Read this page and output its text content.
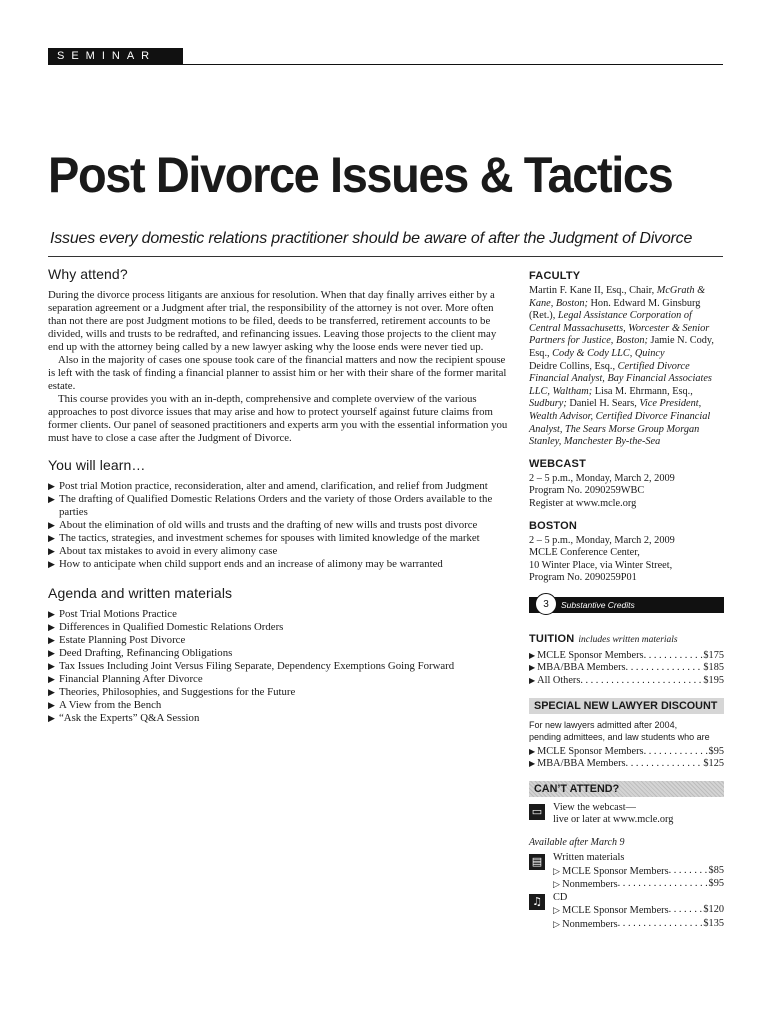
SEMINAR
Post Divorce Issues & Tactics
Issues every domestic relations practitioner should be aware of after the Judgment of Divorce
Why attend?

During the divorce process litigants are anxious for resolution. When that day finally arrives either by a separation agreement or a Judgment after trial, the responsibility of the attorney is not over. More often than not there are post Judgment motions to be filed, deeds to be transferred, retirement accounts to be divided, wills and trusts to be redrafted, and refinancing issues. Leaving those projects to the client may end up with the attorney being called by a new lawyer asking why the loose ends were never tied up.

Also in the majority of cases one spouse took care of the financial matters and now the recipient spouse is left with the task of finding a financial planner to assist him or her with their share of the former marital estate.

This course provides you with an in-depth, comprehensive and complete overview of the various approaches to post divorce issues that may arise and how to protect yourself against future claims from former clients. Our panel of seasoned practitioners and experts arm you with the essential information you must have to close a case after the Judgment of Divorce.

You will learn…
▶ Post trial Motion practice, reconsideration, alter and amend, clarification, and relief from Judgment
▶ The drafting of Qualified Domestic Relations Orders and the variety of those Orders available to the parties
▶ About the elimination of old wills and trusts and the drafting of new wills and trusts post divorce
▶ The tactics, strategies, and investment schemes for spouses with limited knowledge of the market
▶ About tax mistakes to avoid in every alimony case
▶ How to anticipate when child support ends and an increase of alimony may be warranted
Agenda and written materials
▶ Post Trial Motions Practice
▶ Differences in Qualified Domestic Relations Orders
▶ Estate Planning Post Divorce
▶ Deed Drafting, Refinancing Obligations
▶ Tax Issues Including Joint Versus Filing Separate, Dependency Exemptions Going Forward
▶ Financial Planning After Divorce
▶ Theories, Philosophies, and Suggestions for the Future
▶ A View from the Bench
▶ “Ask the Experts” Q&A Session
FACULTY
Martin F. Kane II, Esq., Chair, McGrath & Kane, Boston; Hon. Edward M. Ginsburg (Ret.), Legal Assistance Corporation of Central Massachusetts, Worcester & Senior Partners for Justice, Boston; Jamie N. Cody, Esq., Cody & Cody LLC, Quincy
Deidre Collins, Esq., Certified Divorce Financial Analyst, Bay Financial Associates LLC, Waltham; Lisa M. Ehrmann, Esq., Sudbury; Daniel H. Sears, Vice President, Wealth Advisor, Certified Divorce Financial Analyst, The Sears Morse Group Morgan Stanley, Manchester By-the-Sea
WEBCAST
2 – 5 p.m., Monday, March 2, 2009
Program No. 2090259WBC
Register at www.mcle.org
BOSTON
2 – 5 p.m., Monday, March 2, 2009
MCLE Conference Center,
10 Winter Place, via Winter Street,
Program No. 2090259P01
3	Substantive Credits
TUITION includes written materials
▶ MCLE Sponsor Members . . .	$175
▶ MBA/BBA Members . . .	$185
▶ All Others . . .	$195
SPECIAL NEW LAWYER DISCOUNT
For new lawyers admitted after 2004,
pending admittees, and law students who are
▶ MCLE Sponsor Members . . .	$95
▶ MBA/BBA Members . . .	$125
CAN’T ATTEND?
▭ View the webcast—
live or later at www.mcle.org
Available after March 9
▤ Written materials
▷ MCLE Sponsor Members . . .	$85
▷ Nonmembers . . .	$95
♫ CD
▷ MCLE Sponsor Members . . .	$120
▷ Nonmembers . . .	$135
